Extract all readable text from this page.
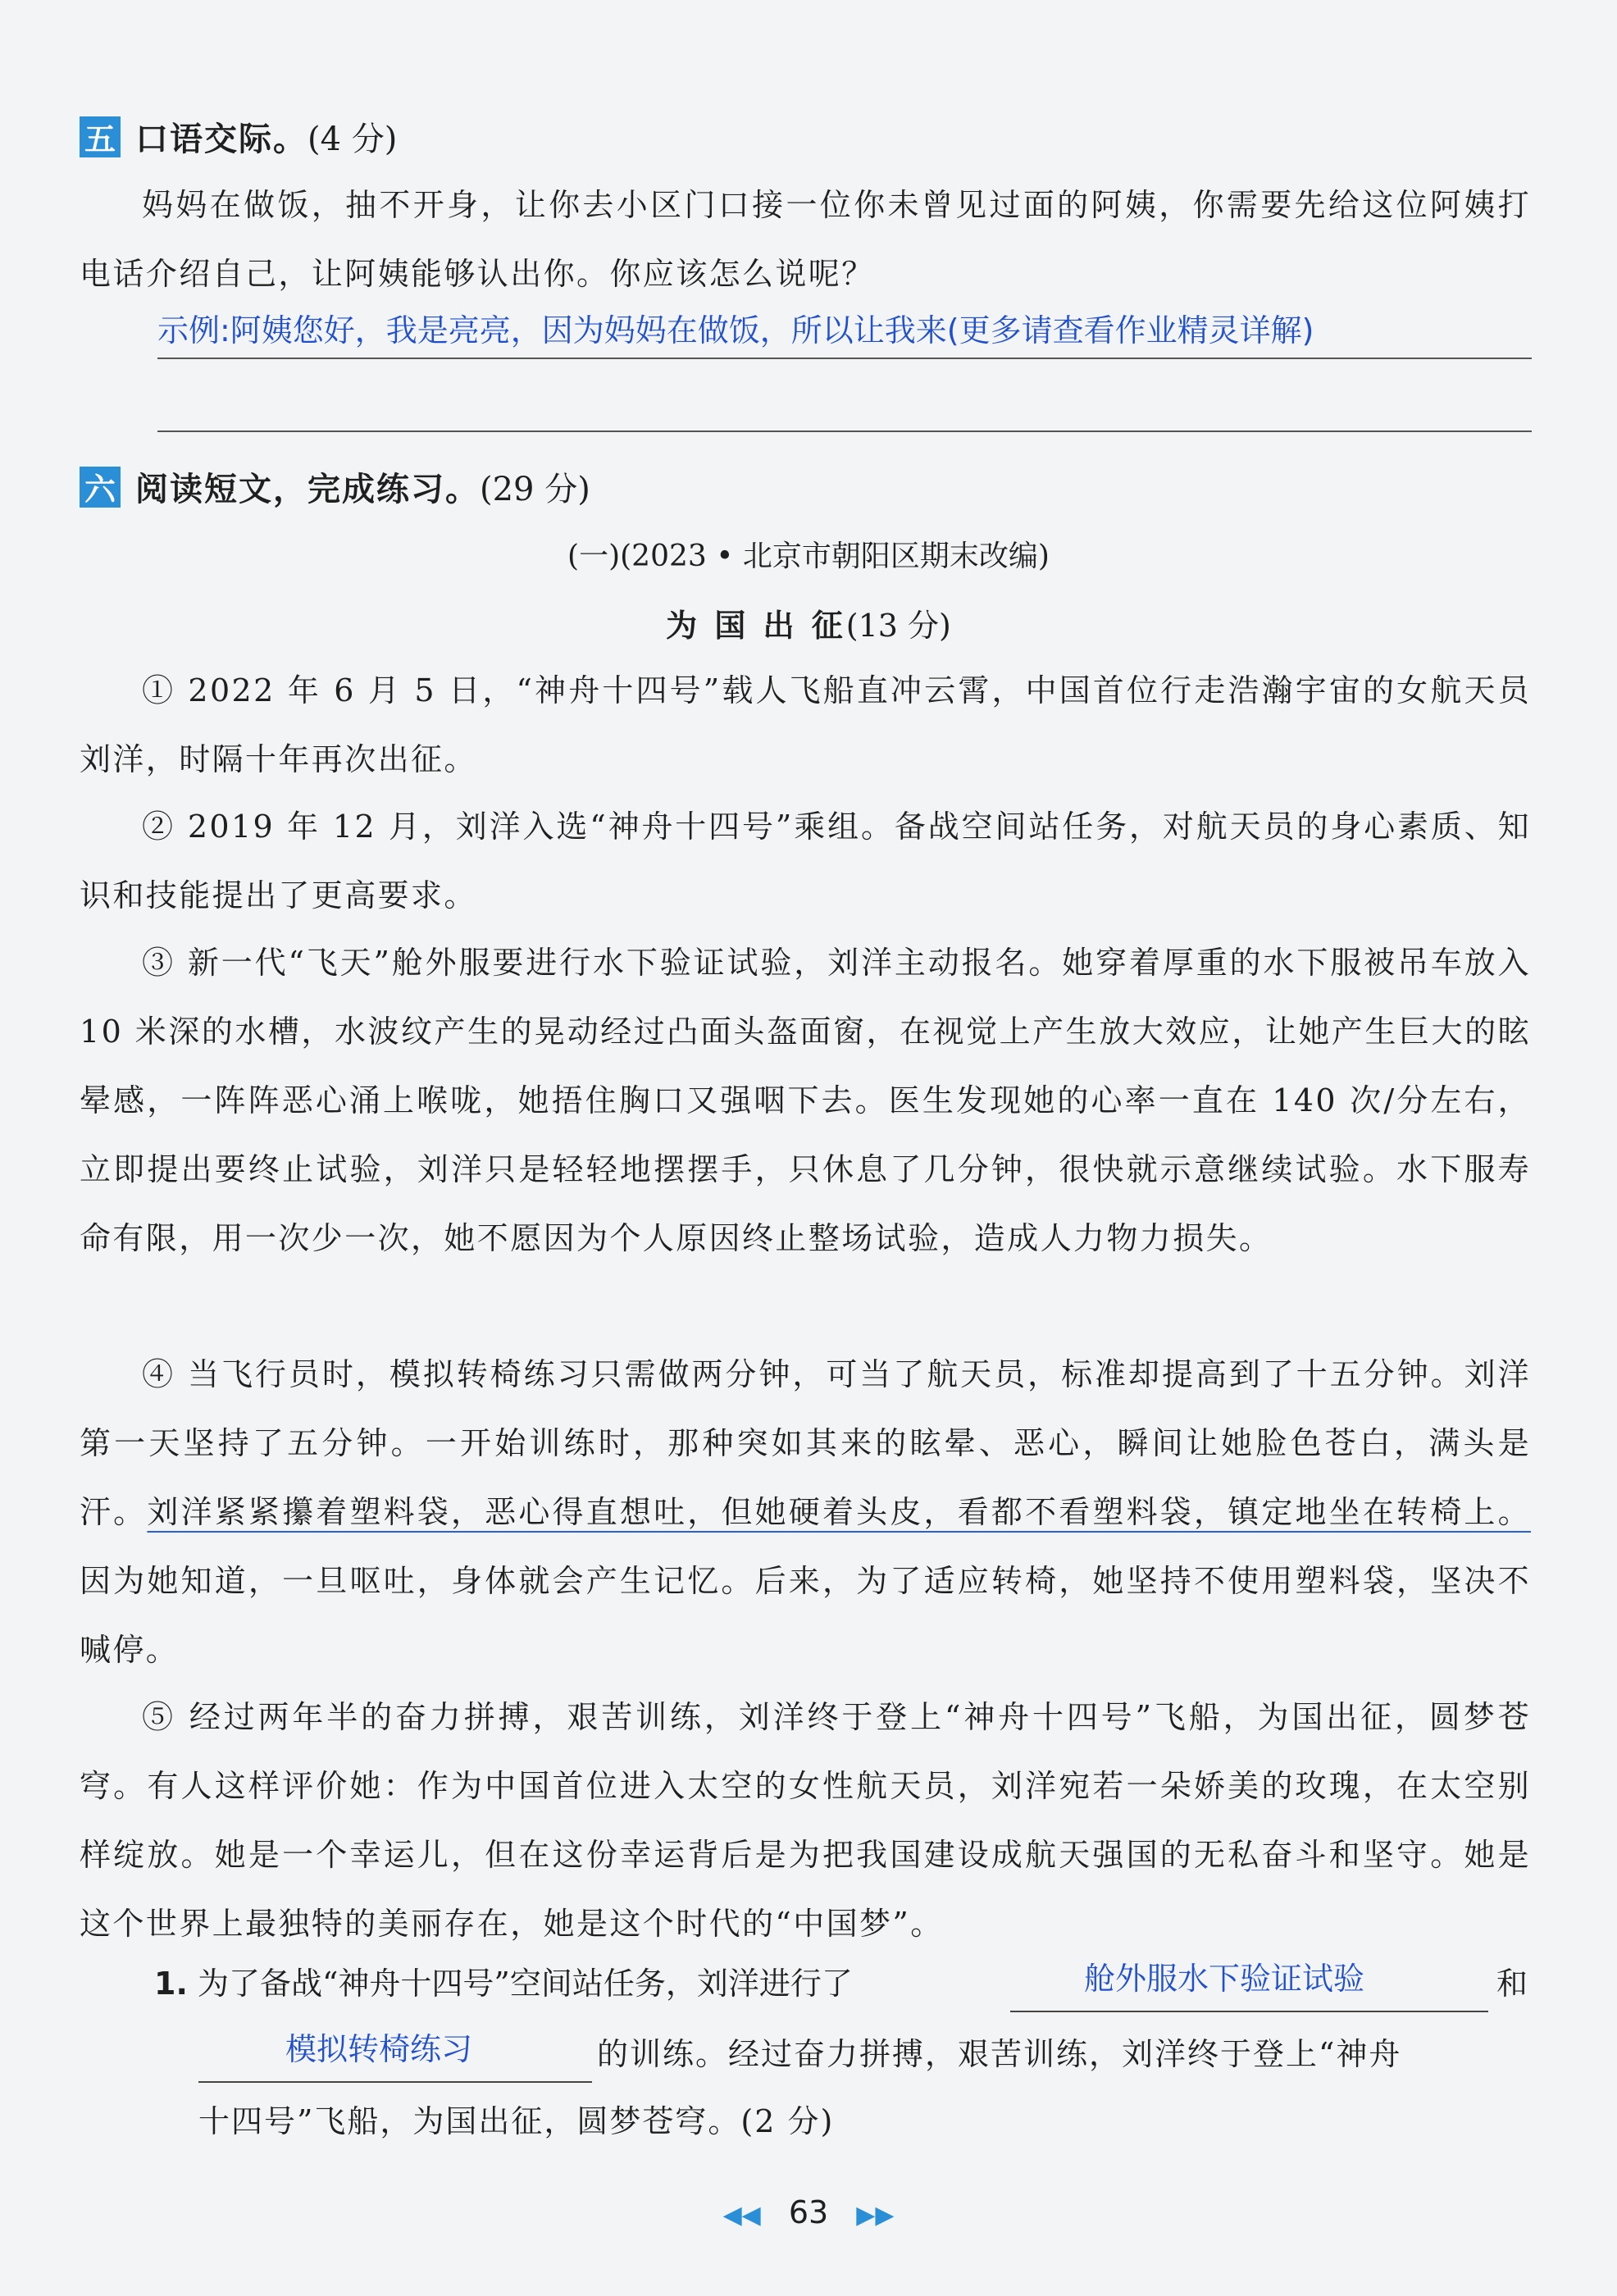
五 口语交际。 (4 分)

妈妈在做饭，抽不开身，让你去小区门口接一位你未曾见过面的阿姨，你需要先给这位阿姨打电话介绍自己，让阿姨能够认出你。你应该怎么说呢？

示例:阿姨您好，我是亮亮，因为妈妈在做饭，所以让我来(更多请查看作业精灵详解)
六 阅读短文，完成练习。 (29 分)
(一)(2023 • 北京市朝阳区期末改编)
为 国 出 征(13 分)

① 2022 年 6 月 5 日，“神舟十四号”载人飞船直冲云霄，中国首位行走浩瀚宇宙的女航天员刘洋，时隔十年再次出征。

② 2019 年 12 月，刘洋入选“神舟十四号”乘组。备战空间站任务，对航天员的身心素质、知识和技能提出了更高要求。

③ 新一代“飞天”舱外服要进行水下验证试验，刘洋主动报名。她穿着厚重的水下服被吊车放入 10 米深的水槽，水波纹产生的晃动经过凸面头盔面窗，在视觉上产生放大效应，让她产生巨大的眩晕感，一阵阵恶心涌上喉咙，她捂住胸口又强咽下去。医生发现她的心率一直在 140 次/分左右，立即提出要终止试验，刘洋只是轻轻地摆摆手，只休息了几分钟，很快就示意继续试验。水下服寿命有限，用一次少一次，她不愿因为个人原因终止整场试验，造成人力物力损失。

④ 当飞行员时，模拟转椅练习只需做两分钟，可当了航天员，标准却提高到了十五分钟。刘洋第一天坚持了五分钟。一开始训练时，那种突如其来的眩晕、恶心，瞬间让她脸色苍白，满头是汗。刘洋紧紧攥着塑料袋，恶心得直想吐，但她硬着头皮，看都不看塑料袋，镇定地坐在转椅上。因为她知道，一旦呕吐，身体就会产生记忆。后来，为了适应转椅，她坚持不使用塑料袋，坚决不喊停。

⑤ 经过两年半的奋力拼搏，艰苦训练，刘洋终于登上“神舟十四号”飞船，为国出征，圆梦苍穹。有人这样评价她：作为中国首位进入太空的女性航天员，刘洋宛若一朵娇美的玫瑰，在太空别样绽放。她是一个幸运儿，但在这份幸运背后是为把我国建设成航天强国的无私奋斗和坚守。她是这个世界上最独特的美丽存在，她是这个时代的“中国梦”。

1. 为了备战“神舟十四号”空间站任务，刘洋进行了	舱外服水下验证试验	和
模拟转椅练习	的训练。经过奋力拼搏，艰苦训练，刘洋终于登上“神舟
十四号”飞船，为国出征，圆梦苍穹。(2 分)
◀◀ 63 ▶▶
